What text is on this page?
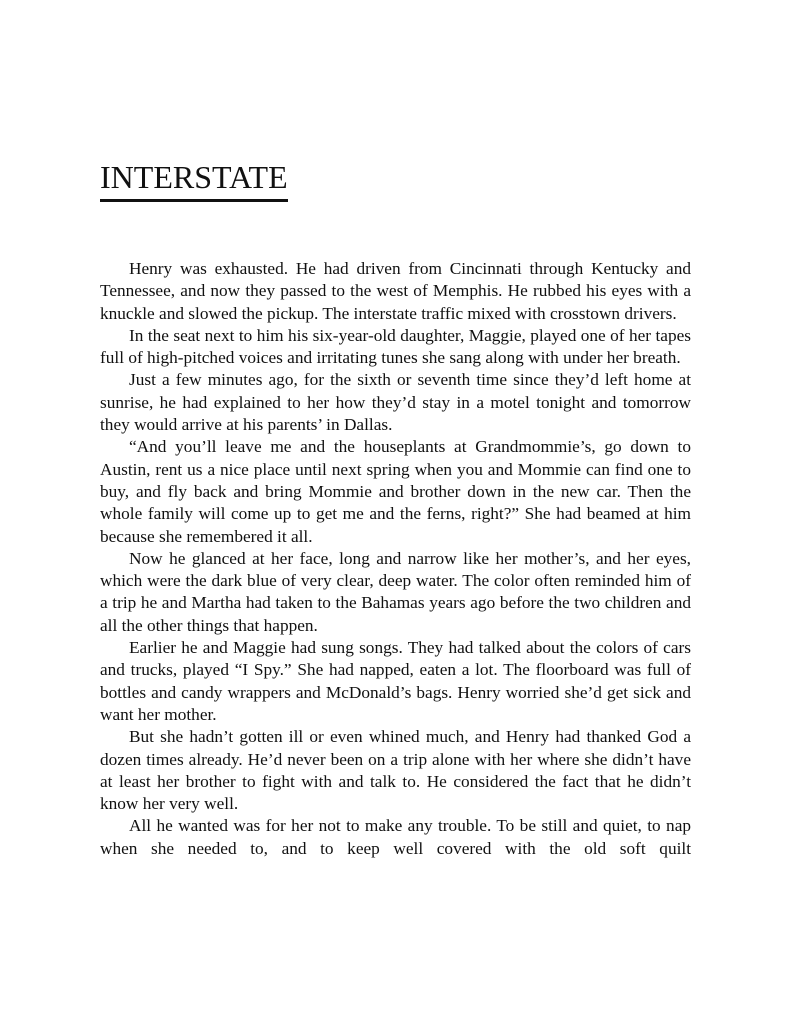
INTERSTATE

Henry was exhausted. He had driven from Cincinnati through Kentucky and Tennessee, and now they passed to the west of Memphis. He rubbed his eyes with a knuckle and slowed the pickup. The interstate traffic mixed with crosstown drivers.

In the seat next to him his six-year-old daughter, Maggie, played one of her tapes full of high-pitched voices and irritating tunes she sang along with under her breath.

Just a few minutes ago, for the sixth or seventh time since they’d left home at sunrise, he had explained to her how they’d stay in a motel tonight and tomorrow they would arrive at his parents’ in Dallas.

“And you’ll leave me and the houseplants at Grandmommie’s, go down to Austin, rent us a nice place until next spring when you and Mommie can find one to buy, and fly back and bring Mommie and brother down in the new car. Then the whole family will come up to get me and the ferns, right?” She had beamed at him because she remembered it all.

Now he glanced at her face, long and narrow like her mother’s, and her eyes, which were the dark blue of very clear, deep water. The color often reminded him of a trip he and Martha had taken to the Bahamas years ago before the two children and all the other things that happen.

Earlier he and Maggie had sung songs. They had talked about the colors of cars and trucks, played “I Spy.” She had napped, eaten a lot. The floorboard was full of bottles and candy wrappers and McDonald’s bags. Henry worried she’d get sick and want her mother.

But she hadn’t gotten ill or even whined much, and Henry had thanked God a dozen times already. He’d never been on a trip alone with her where she didn’t have at least her brother to fight with and talk to. He considered the fact that he didn’t know her very well.

All he wanted was for her not to make any trouble. To be still and quiet, to nap when she needed to, and to keep well covered with the old soft quilt
